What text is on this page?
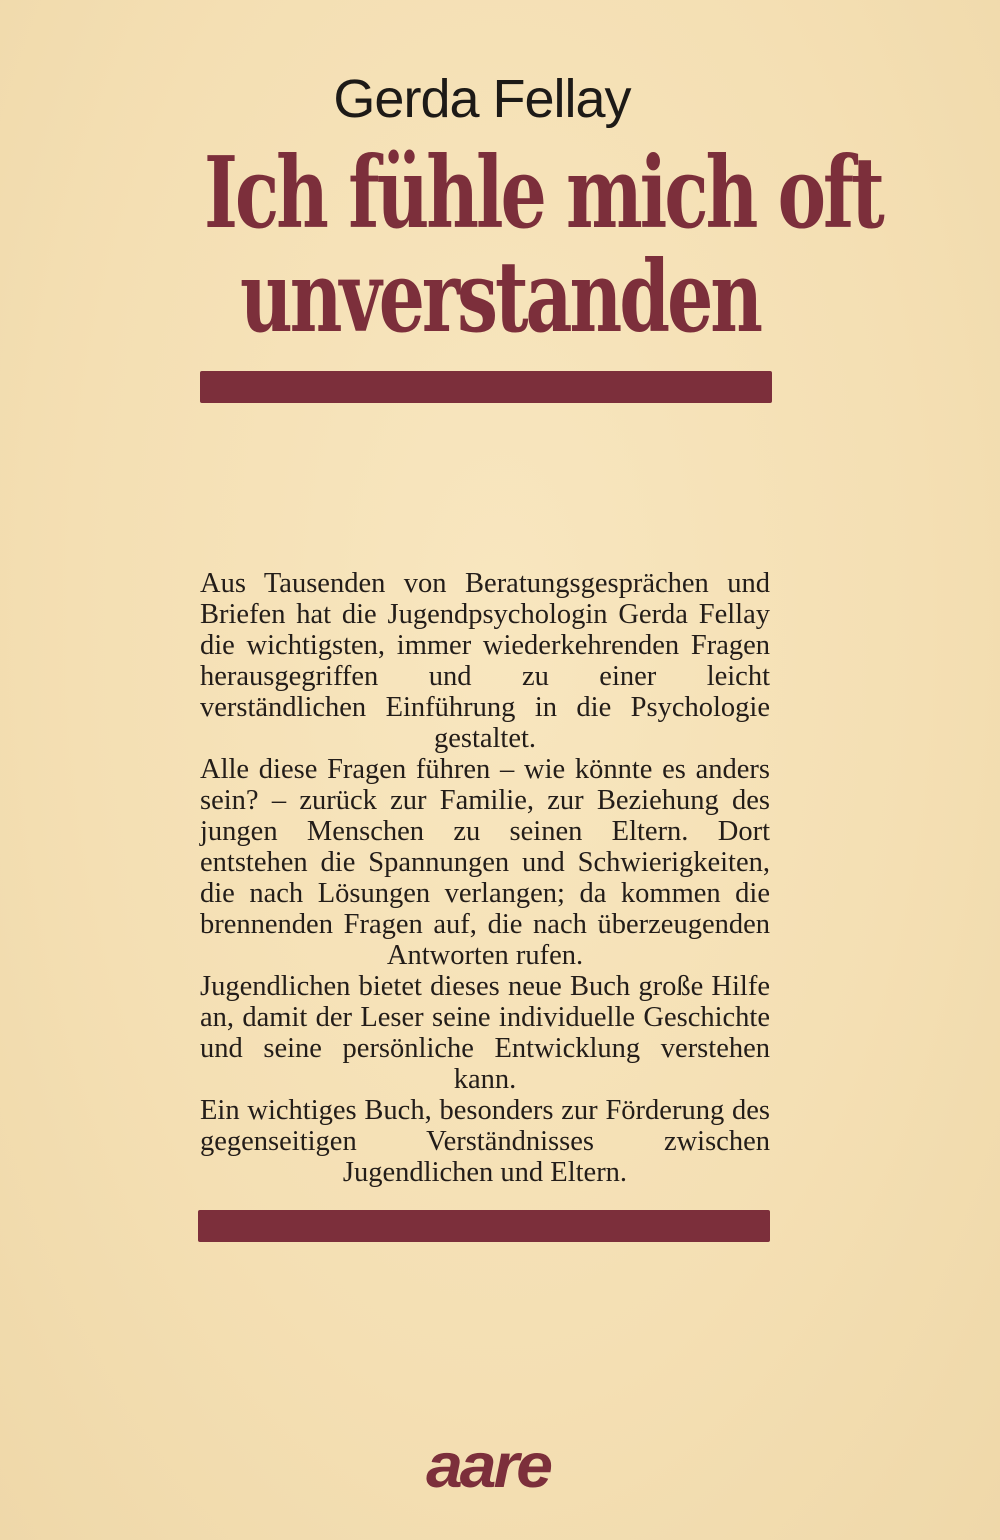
Gerda Fellay
Ich fühle mich oft
unverstanden

Aus Tausenden von Beratungsgesprächen und Briefen hat die Jugendpsychologin Gerda Fellay die wichtigsten, immer wiederkehrenden Fragen herausgegriffen und zu einer leicht verständlichen Einführung in die Psychologie gestaltet.

Alle diese Fragen führen – wie könnte es anders sein? – zurück zur Familie, zur Beziehung des jungen Menschen zu seinen Eltern. Dort entstehen die Spannungen und Schwierigkeiten, die nach Lösungen verlangen; da kommen die brennenden Fragen auf, die nach überzeugenden Antworten rufen.

Jugendlichen bietet dieses neue Buch große Hilfe an, damit der Leser seine individuelle Geschichte und seine persönliche Entwicklung verstehen kann.

Ein wichtiges Buch, besonders zur Förderung des gegenseitigen Verständnisses zwischen Jugendlichen und Eltern.

aare
